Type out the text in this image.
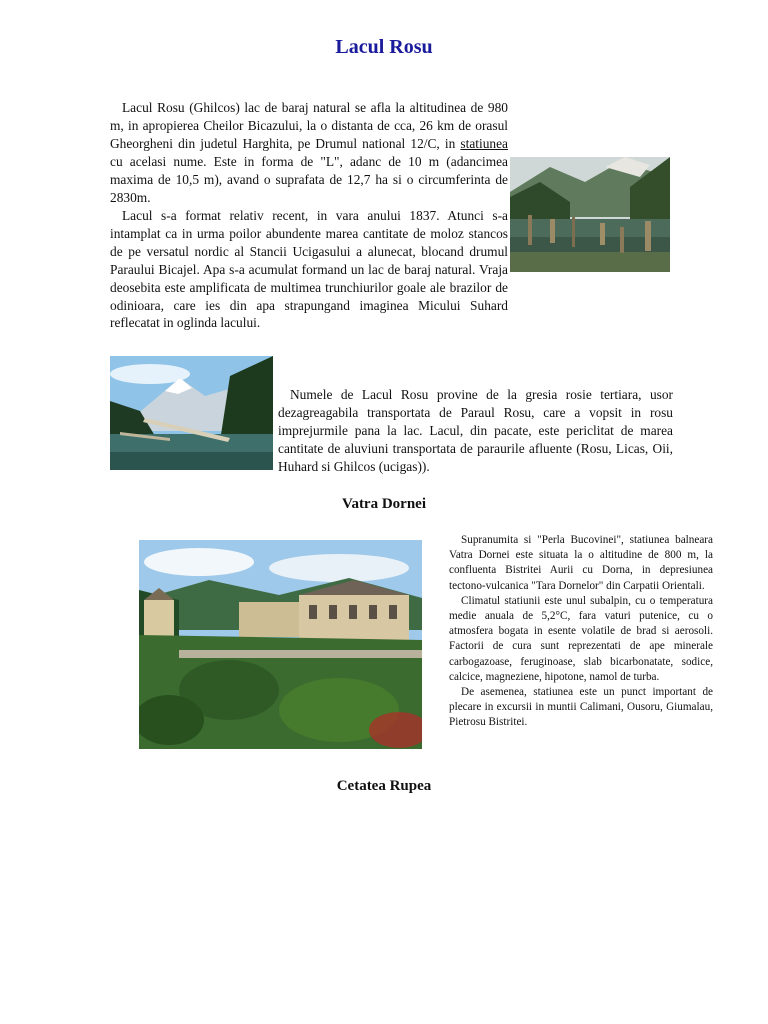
Lacul Rosu

Lacul Rosu (Ghilcos) lac de baraj natural se afla la altitudinea de 980 m, in apropierea Cheilor Bicazului, la o distanta de cca, 26 km de orasul Gheorgheni din judetul Harghita, pe Drumul national 12/C, in statiunea cu acelasi nume. Este in forma de "L", adanc de 10 m (adancimea maxima de 10,5 m), avand o suprafata de 12,7 ha si o circumferinta de 2830m.

Lacul s-a format relativ recent, in vara anului 1837. Atunci s-a intamplat ca in urma poilor abundente marea cantitate de moloz stancos de pe versatul nordic al Stancii Ucigasului a alunecat, blocand drumul Paraului Bicajel. Apa s-a acumulat formand un lac de baraj natural. Vraja deosebita este amplificata de multimea trunchiurilor goale ale brazilor de odinioara, care ies din apa strapungand imaginea Micului Suhard reflecatat in oglinda lacului.

Numele de Lacul Rosu provine de la gresia rosie tertiara, usor dezagreagabila transportata de Paraul Rosu, care a vopsit in rosu imprejurmile pana la lac. Lacul, din pacate, este periclitat de marea cantitate de aluviuni transportata de paraurile afluente (Rosu, Licas, Oii, Huhard si Ghilcos (ucigas)).

Vatra Dornei

Supranumita si "Perla Bucovinei", statiunea balneara Vatra Dornei este situata la o altitudine de 800 m, la confluenta Bistritei Aurii cu Dorna, in depresiunea tectono-vulcanica "Tara Dornelor" din Carpatii Orientali.

Climatul statiunii este unul subalpin, cu o temperatura medie anuala de 5,2°C, fara vaturi putenice, cu o atmosfera bogata in esente volatile de brad si aerosoli. Factorii de cura sunt reprezentati de ape minerale carbogazoase, feruginoase, slab bicarbonatate, sodice, calcice, magneziene, hipotone, namol de turba.

De asemenea, statiunea este un punct important de plecare in excursii in muntii Calimani, Ousoru, Giumalau, Pietrosu Bistritei.

Cetatea Rupea
